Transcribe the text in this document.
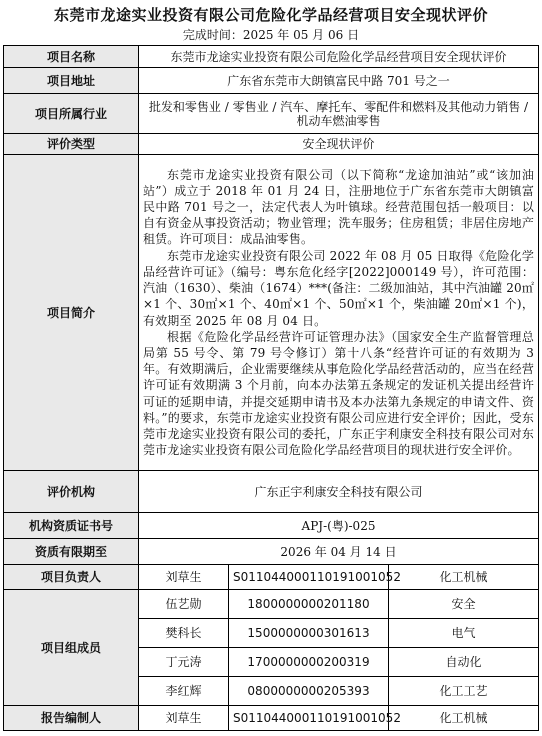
东莞市龙途实业投资有限公司危险化学品经营项目安全现状评价
完成时间：2025 年 05 月 06 日
项目名称	东莞市龙途实业投资有限公司危险化学品经营项目安全现状评价		
项目地址	广东省东莞市大朗镇富民中路 701 号之一		
项目所属行业	批发和零售业 / 零售业 / 汽车、摩托车、零配件和燃料及其他动力销售 / 机动车燃油零售		
评价类型	安全现状评价		
项目简介	东莞市龙途实业投资有限公司（以下简称“龙途加油站”或“该加油站”）成立于 2018 年 01 月 24 日，注册地位于广东省东莞市大朗镇富民中路 701 号之一，法定代表人为叶镇球。经营范围包括一般项目：以自有资金从事投资活动；物业管理；洗车服务；住房租赁；非居住房地产租赁。许可项目：成品油零售。

东莞市龙途实业投资有限公司 2022 年 08 月 05 日取得《危险化学品经营许可证》（编号：粤东危化经字[2022]000149 号），许可范围：汽油（1630）、柴油（1674）***(备注：二级加油站，其中汽油罐 20㎡×1 个、30㎡×1 个、40㎡×1 个、50㎡×1 个，柴油罐 20㎡×1 个)，有效期至 2025 年 08 月 04 日。

根据《危险化学品经营许可证管理办法》（国家安全生产监督管理总局第 55 号令、第 79 号令修订）第十八条“经营许可证的有效期为 3 年。有效期满后，企业需要继续从事危险化学品经营活动的，应当在经营许可证有效期满 3 个月前，向本办法第五条规定的发证机关提出经营许可证的延期申请，并提交延期申请书及本办法第九条规定的申请文件、资料。”的要求，东莞市龙途实业投资有限公司应进行安全评价；因此，受东莞市龙途实业投资有限公司的委托，广东正宇利康安全科技有限公司对东莞市龙途实业投资有限公司危险化学品经营项目的现状进行安全评价。		

评价机构	广东正宇利康安全科技有限公司		
机构资质证书号	APJ-(粤)-025		
资质有限期至	2026 年 04 月 14 日		
项目负责人	刘草生	S011044000110191001052	化工机械
项目组成员	伍艺勋	1800000000201180	安全
	樊科长	1500000000301613	电气
	丁元涛	1700000000200319	自动化
	李红辉	0800000000205393	化工工艺
报告编制人	刘草生	S011044000110191001052	化工机械
